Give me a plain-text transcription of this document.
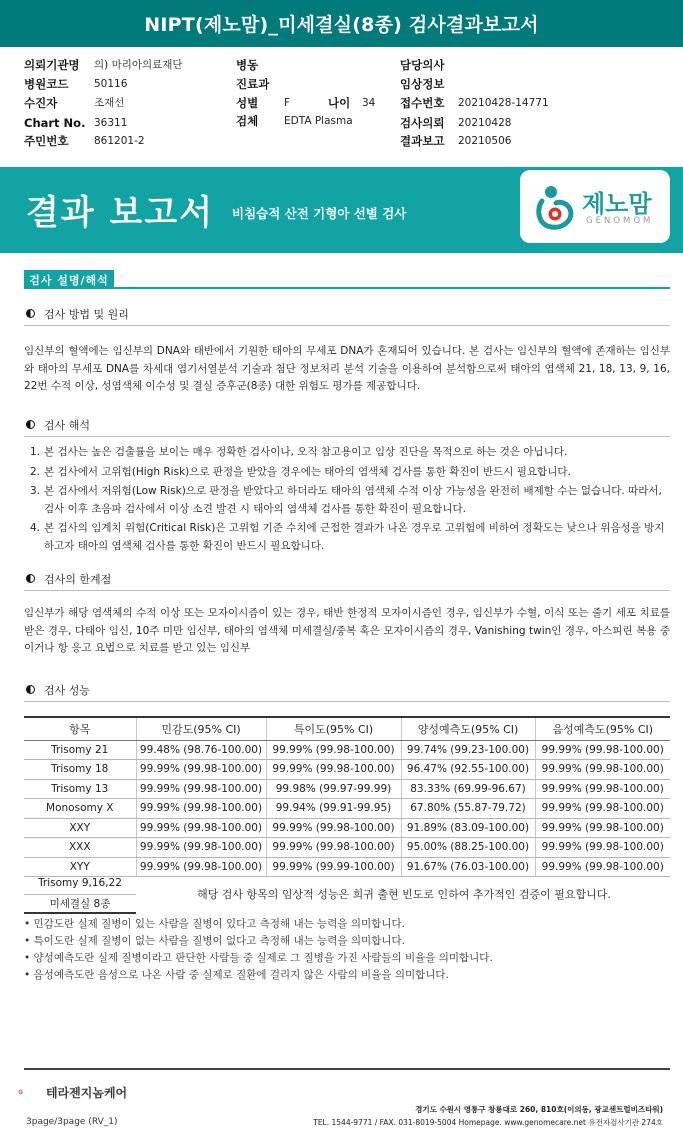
NIPT(제노맘)_미세결실(8종) 검사결과보고서
의뢰기관명	의) 마리아의료재단
병원코드	50116
수진자	조재선
Chart No. 36311
주민번호	861201-2
병동
진료과
성별	F	나이	34
검체	EDTA Plasma
담당의사
임상정보
접수번호	20210428-14771
검사의뢰	20210428
결과보고	20210506
결과 보고서 비침습적 산전 기형아 선별 검사	제노맘
GENOMOM
검사 설명/해석
검사 방법 및 원리
임신부의 혈액에는 임신부의 DNA와 태반에서 기원한 태아의 무세포 DNA가 혼재되어 있습니다. 본 검사는 임신부의 혈액에 존재하는 임신부와 태아의 무세포 DNA를 차세대 염기서열분석 기술과 첨단 정보처리 분석 기술을 이용하여 분석함으로써 태아의 염색체 21, 18, 13, 9, 16, 22번 수적 이상, 성염색체 이수성 및 결실 증후군(8종) 대한 위험도 평가를 제공합니다.
검사 해석
1. 본 검사는 높은 검출률을 보이는 매우 정확한 검사이나, 오직 참고용이고 임상 진단을 목적으로 하는 것은 아닙니다.
2. 본 검사에서 고위험(High Risk)으로 판정을 받았을 경우에는 태아의 염색체 검사를 통한 확진이 반드시 필요합니다.
3. 본 검사에서 저위험(Low Risk)으로 판정을 받았다고 하더라도 태아의 염색체 수적 이상 가능성을 완전히 배제할 수는 없습니다. 따라서, 검사 이후 초음파 검사에서 이상 소견 발견 시 태아의 염색체 검사를 통한 확진이 필요합니다.
4. 본 검사의 임계치 위험(Critical Risk)은 고위험 기준 수치에 근접한 결과가 나온 경우로 고위험에 비하여 정확도는 낮으나 위음성을 방지하고자 태아의 염색체 검사를 통한 확진이 반드시 필요합니다.
검사의 한계점
임신부가 해당 염색체의 수적 이상 또는 모자이시즘이 있는 경우, 태반 한정적 모자이시즘인 경우, 임신부가 수혈, 이식 또는 줄기 세포 치료를 받은 경우, 다태아 임신, 10주 미만 임신부, 태아의 염색체 미세결실/중복 혹은 모자이시즘의 경우, Vanishing twin인 경우, 아스피린 복용 중이거나 항 응고 요법으로 치료를 받고 있는 임신부
검사 성능
항목	민감도(95% CI)	특이도(95% CI)	양성예측도(95% CI)	음성예측도(95% CI)
Trisomy 21	99.48% (98.76-100.00)	99.99% (99.98-100.00)	99.74% (99.23-100.00)	99.99% (99.98-100.00)
Trisomy 18	99.99% (99.98-100.00)	99.99% (99.98-100.00)	96.47% (92.55-100.00)	99.99% (99.98-100.00)
Trisomy 13	99.99% (99.98-100.00)	99.98% (99.97-99.99)	83.33% (69.99-96.67)	99.99% (99.98-100.00)
Monosomy X	99.99% (99.98-100.00)	99.94% (99.91-99.95)	67.80% (55.87-79.72)	99.99% (99.98-100.00)
XXY	99.99% (99.98-100.00)	99.99% (99.98-100.00)	91.89% (83.09-100.00)	99.99% (99.98-100.00)
XXX	99.99% (99.98-100.00)	99.99% (99.98-100.00)	95.00% (88.25-100.00)	99.99% (99.98-100.00)
XYY	99.99% (99.98-100.00)	99.99% (99.99-100.00)	91.67% (76.03-100.00)	99.99% (99.98-100.00)
Trisomy 9,16,22
미세결실 8종
해당 검사 항목의 임상적 성능은 희귀 출현 빈도로 인하여 추가적인 검증이 필요합니다.
• 민감도란 실제 질병이 있는 사람을 질병이 있다고 측정해 내는 능력을 의미합니다.
• 특이도란 실제 질병이 없는 사람을 질병이 없다고 측정해 내는 능력을 의미합니다.
• 양성예측도란 실제 질병이라고 판단한 사람들 중 실제로 그 질병을 가진 사람들의 비율을 의미합니다.
• 음성예측도란 음성으로 나온 사람 중 실제로 질환에 걸리지 않은 사람의 비율을 의미합니다.
테라젠지놈케어
3page/3page (RV_1)
경기도 수원시 영통구 창룡대로 260, 810호(이의동, 광교센트럴비즈타워)
TEL. 1544-9771 / FAX. 031-8019-5004 Homepage. www.genomecare.net 유전자검사기관 274호
